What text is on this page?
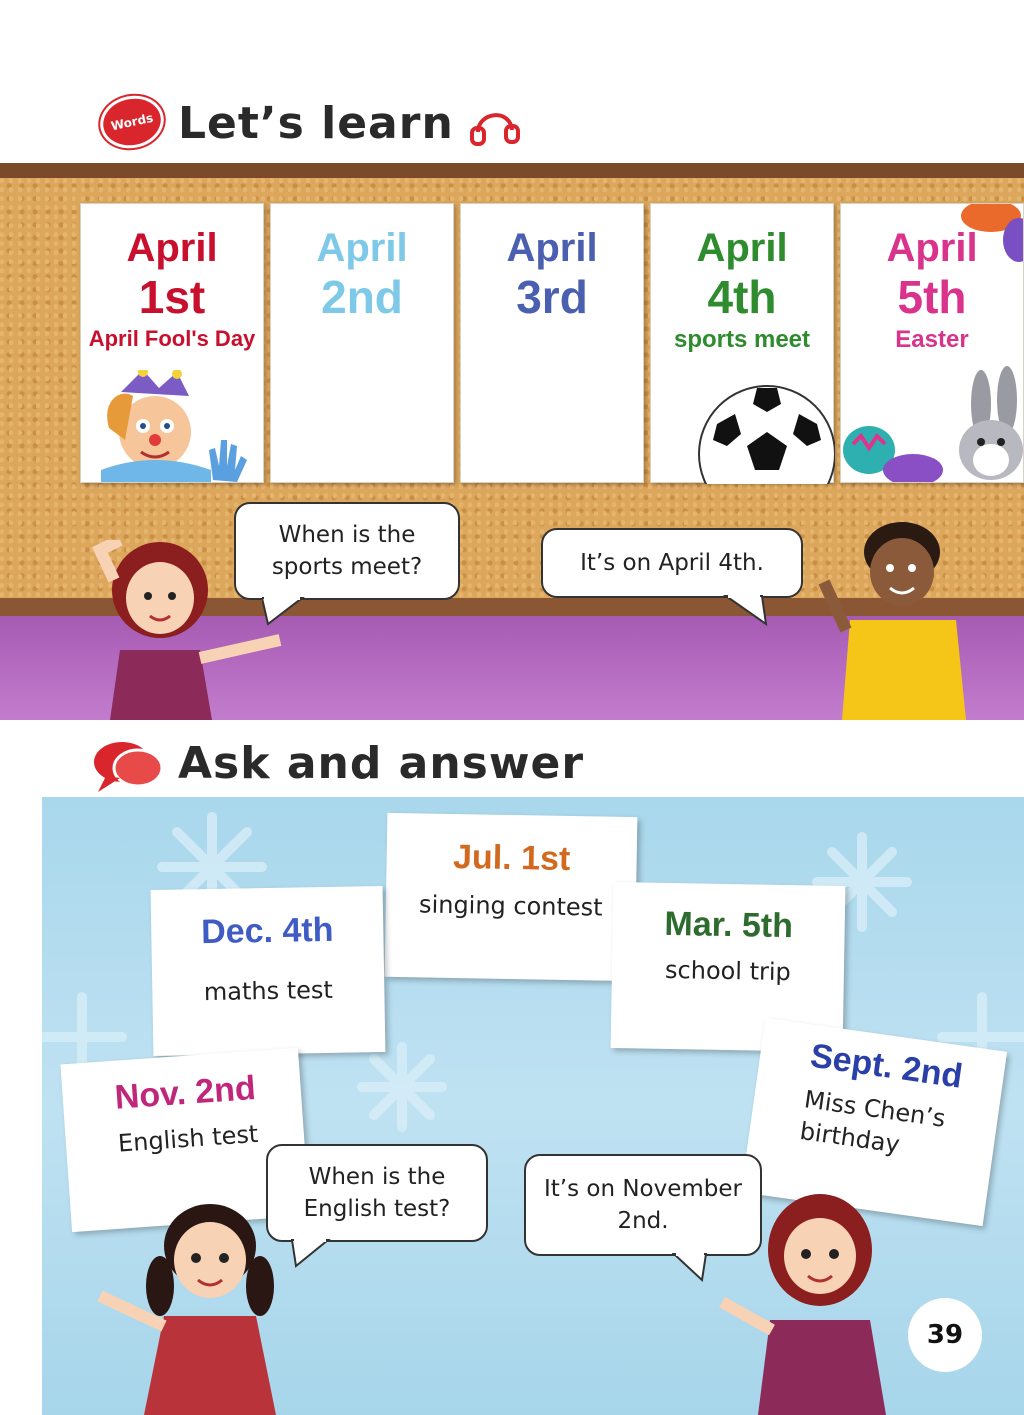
Words Let’s learn
April
1st
April Fool's Day
April
2nd
April
3rd
April
4th
sports meet
April
5th
Easter
When is the sports meet?	It’s on April 4th.
Ask and answer
Jul. 1st
singing contest
Dec. 4th
maths test
Mar. 5th
school trip
Nov. 2nd
English test
Sept. 2nd
Miss Chen’s birthday
When is the English test?
It’s on November 2nd.
39
